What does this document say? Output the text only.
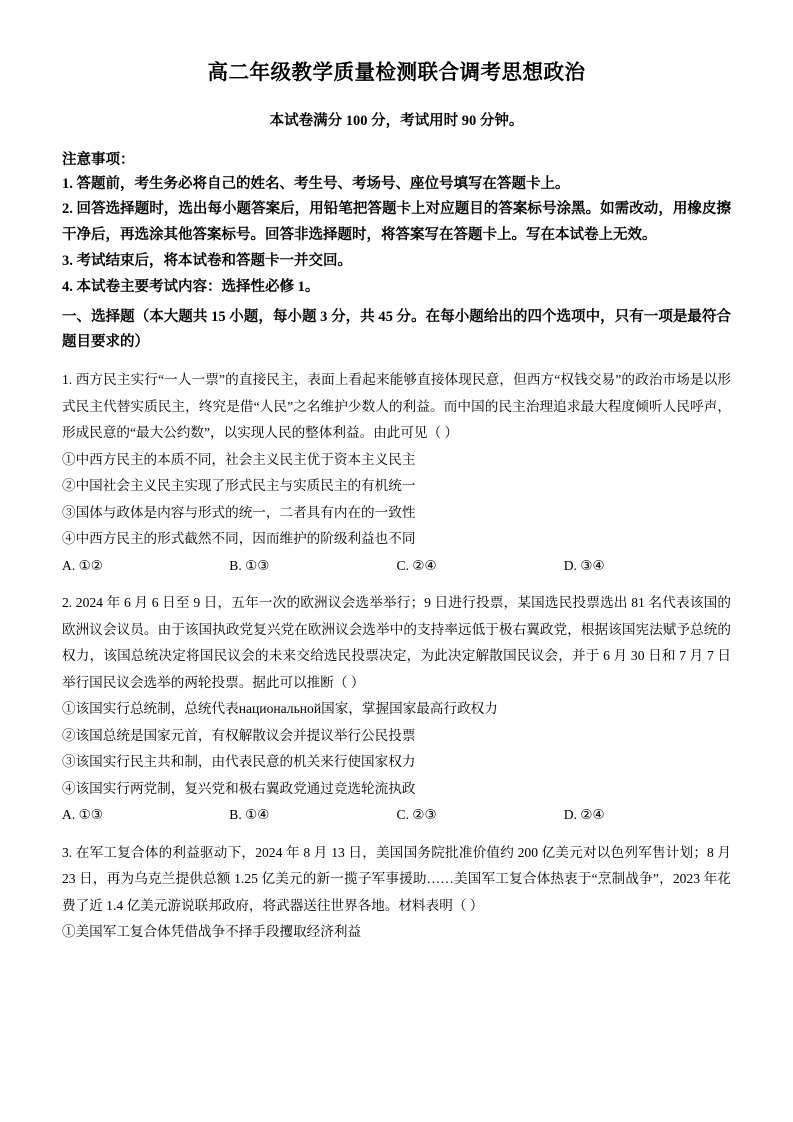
高二年级教学质量检测联合调考思想政治

本试卷满分 100 分，考试用时 90 分钟。

注意事项：

1. 答题前，考生务必将自己的姓名、考生号、考场号、座位号填写在答题卡上。

2. 回答选择题时，选出每小题答案后，用铅笔把答题卡上对应题目的答案标号涂黑。如需改动，用橡皮擦干净后，再选涂其他答案标号。回答非选择题时，将答案写在答题卡上。写在本试卷上无效。

3. 考试结束后，将本试卷和答题卡一并交回。

4. 本试卷主要考试内容：选择性必修 1。

一、选择题（本大题共 15 小题，每小题 3 分，共 45 分。在每小题给出的四个选项中，只有一项是最符合题目要求的）

1. 西方民主实行“一人一票”的直接民主，表面上看起来能够直接体现民意，但西方“权钱交易”的政治市场是以形式民主代替实质民主，终究是借“人民”之名维护少数人的利益。而中国的民主治理追求最大程度倾听人民呼声，形成民意的“最大公约数”，以实现人民的整体利益。由此可见（ ）

①中西方民主的本质不同，社会主义民主优于资本主义民主

②中国社会主义民主实现了形式民主与实质民主的有机统一

③国体与政体是内容与形式的统一，二者具有内在的一致性

④中西方民主的形式截然不同，因而维护的阶级利益也不同

A. ①②	B. ①③	C. ②④	D. ③④

2. 2024 年 6 月 6 日至 9 日，五年一次的欧洲议会选举举行；9 日进行投票，某国选民投票选出 81 名代表该国的欧洲议会议员。由于该国执政党复兴党在欧洲议会选举中的支持率远低于极右翼政党，根据该国宪法赋予总统的权力，该国总统决定将国民议会的未来交给选民投票决定，为此决定解散国民议会，并于 6 月 30 日和 7 月 7 日举行国民议会选举的两轮投票。据此可以推断（ ）

①该国实行总统制，总统代表национальной国家，掌握国家最高行政权力

②该国总统是国家元首，有权解散议会并提议举行公民投票

③该国实行民主共和制，由代表民意的机关来行使国家权力

④该国实行两党制，复兴党和极右翼政党通过竞选轮流执政

A. ①③	B. ①④	C. ②③	D. ②④

3. 在军工复合体的利益驱动下，2024 年 8 月 13 日，美国国务院批准价值约 200 亿美元对以色列军售计划；8 月 23 日，再为乌克兰提供总额 1.25 亿美元的新一揽子军事援助……美国军工复合体热衷于“烹制战争”，2023 年花费了近 1.4 亿美元游说联邦政府，将武器送往世界各地。材料表明（ ）

①美国军工复合体凭借战争不择手段攫取经济利益
